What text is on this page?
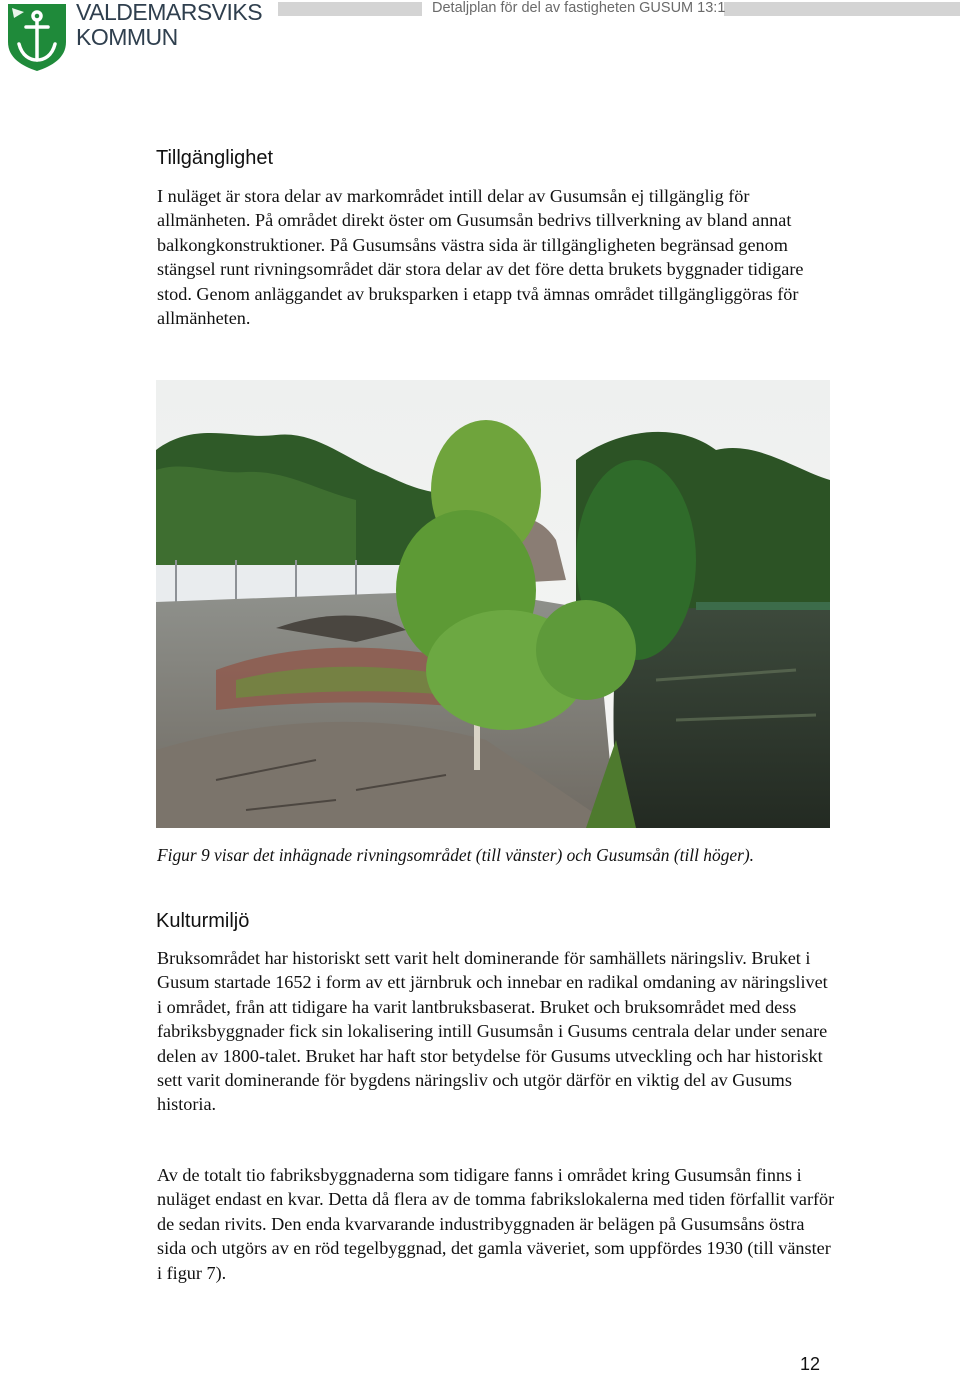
VALDEMARSVIKS
KOMMUN
Detaljplan för del av fastigheten GUSUM 13:1
Tillgänglighet

I nuläget är stora delar av markområdet intill delar av Gusumsån ej tillgänglig för allmänheten. På området direkt öster om Gusumsån bedrivs tillverkning av bland annat balkongkonstruktioner. På Gusumsåns västra sida är tillgängligheten begränsad genom stängsel runt rivningsområdet där stora delar av det före detta brukets byggnader tidigare stod. Genom anläggandet av bruksparken i etapp två ämnas området tillgängliggöras för allmänheten.

Figur 9 visar det inhägnade rivningsområdet (till vänster) och Gusumsån (till höger).

Kulturmiljö

Bruksområdet har historiskt sett varit helt dominerande för samhällets näringsliv. Bruket i Gusum startade 1652 i form av ett järnbruk och innebar en radikal omdaning av näringslivet i området, från att tidigare ha varit lantbruksbaserat. Bruket och bruksområdet med dess fabriksbyggnader fick sin lokalisering intill Gusumsån i Gusums centrala delar under senare delen av 1800-talet. Bruket har haft stor betydelse för Gusums utveckling och har historiskt sett varit dominerande för bygdens näringsliv och utgör därför en viktig del av Gusums historia.

Av de totalt tio fabriksbyggnaderna som tidigare fanns i området kring Gusumsån finns i nuläget endast en kvar. Detta då flera av de tomma fabrikslokalerna med tiden förfallit varför de sedan rivits. Den enda kvarvarande industribyggnaden är belägen på Gusumsåns östra sida och utgörs av en röd tegelbyggnad, det gamla väveriet, som uppfördes 1930 (till vänster i figur 7).

12
